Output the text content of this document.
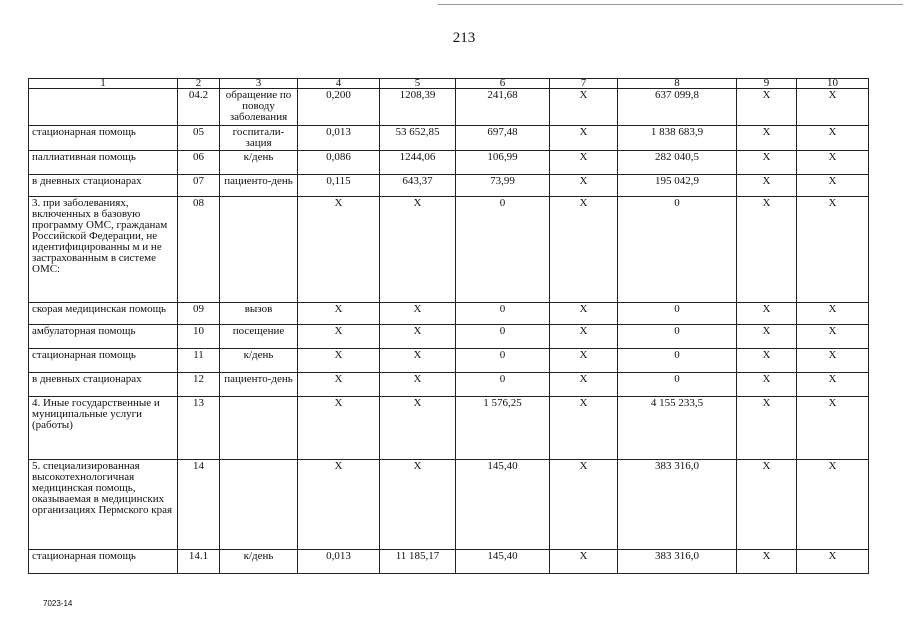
213
1	2	3	4	5	6	7	8	9	10
	04.2	обращение по поводу заболевания	0,200	1208,39	241,68	X	637 099,8	X	X
стационарная помощь	05	госпитали-зация	0,013	53 652,85	697,48	X	1 838 683,9	X	X
паллиативная помощь	06	к/день	0,086	1244,06	106,99	X	282 040,5	X	X
в дневных стационарах	07	пациенто-день	0,115	643,37	73,99	X	195 042,9	X	X
3. при заболеваниях, включенных в базовую программу ОМС, гражданам Российской Федерации, не идентифицированны м и не застрахованным в системе ОМС:	08		X	X	0	X	0	X	X
скорая медицинская помощь	09	вызов	X	X	0	X	0	X	X
амбулаторная помощь	10	посещение	X	X	0	X	0	X	X
стационарная помощь	11	к/день	X	X	0	X	0	X	X
в дневных стационарах	12	пациенто-день	X	X	0	X	0	X	X
4. Иные государственные и муниципальные услуги (работы)	13		X	X	1 576,25	X	4 155 233,5	X	X
5. специализированная высокотехнологичная медицинская помощь, оказываемая в медицинских организациях Пермского края	14		X	X	145,40	X	383 316,0	X	X
стационарная помощь	14.1	к/день	0,013	11 185,17	145,40	X	383 316,0	X	X
7023-14
